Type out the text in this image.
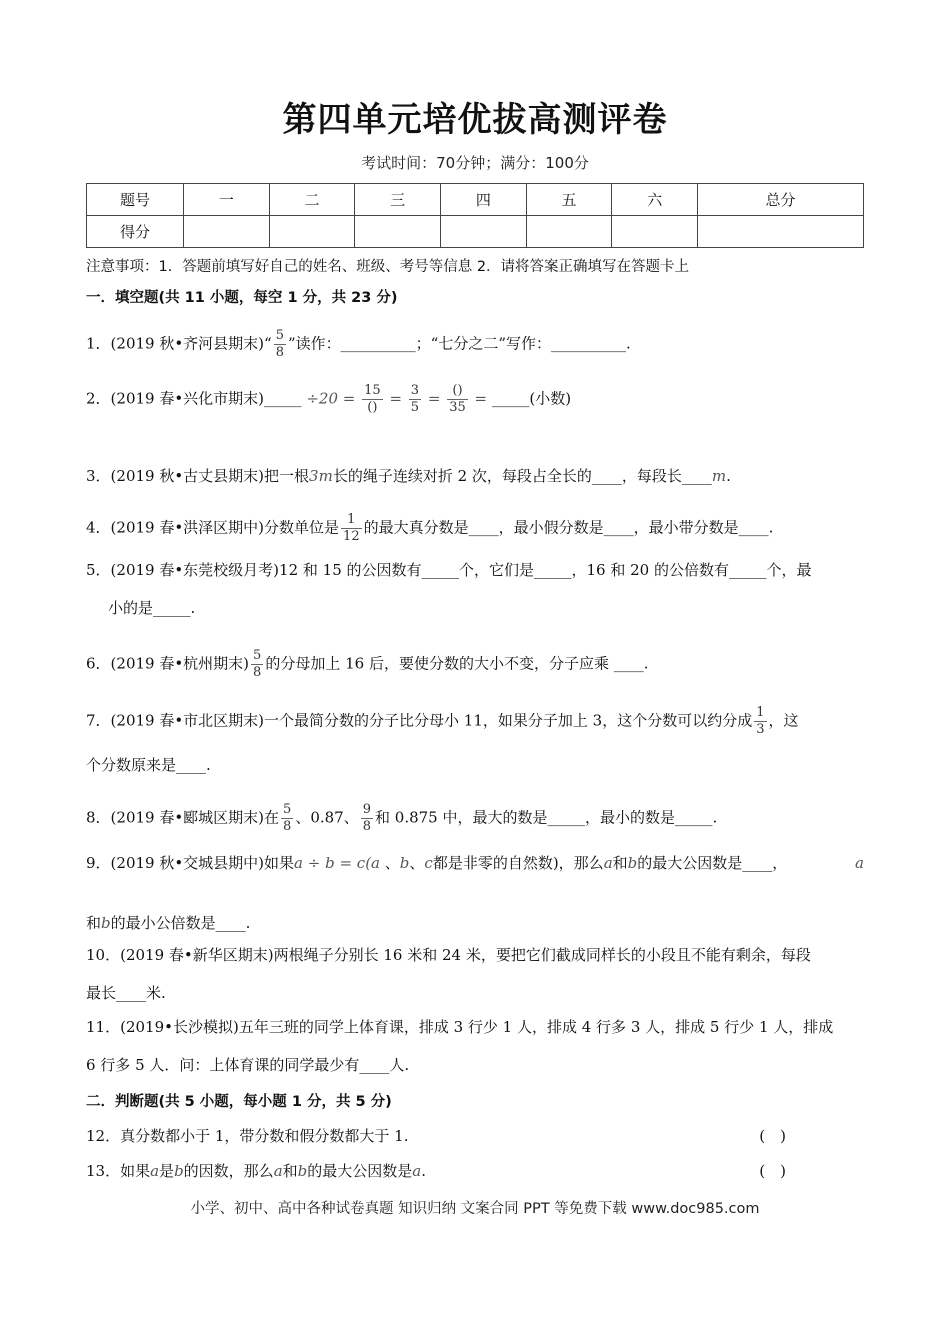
第四单元培优拔高测评卷
考试时间：70分钟；满分：100分
题号	一	二	三	四	五	六	总分
得分							
注意事项：1．答题前填写好自己的姓名、班级、考号等信息 2．请将答案正确填写在答题卡上
一．填空题(共 11 小题，每空 1 分，共 23 分)
1．(2019 秋•齐河县期末)“ $\frac{5}{8}$ ”读作：__________；“七分之二”写作：__________.
2．(2019 春•兴化市期末)_____ $\div 20 = \frac{15}{()} = \frac{3}{5} = \frac{()}{35}$ = _____(小数)
3．(2019 秋•古丈县期末)把一根3m长的绳子连续对折 2 次，每段占全长的____，每段长____m.
4．(2019 春•洪泽区期中)分数单位是 $\frac{1}{12}$ 的最大真分数是____，最小假分数是____，最小带分数是____.
5．(2019 春•东莞校级月考)12 和 15 的公因数有_____个，它们是_____，16 和 20 的公倍数有_____个，最
小的是_____.
6．(2019 春•杭州期末) $\frac{5}{8}$ 的分母加上 16 后，要使分数的大小不变，分子应乘 ____.
7．(2019 春•市北区期末)一个最简分数的分子比分母小 11，如果分子加上 3，这个分数可以约分成 $\frac{1}{3}$ ，这
个分数原来是____.
8．(2019 春•郾城区期末)在 $\frac{5}{8}$ 、0.87、 $\frac{9}{8}$ 和 0.875 中，最大的数是_____，最小的数是_____.
9．(2019 秋•交城县期中)如果a ÷ b = c(a 、b、c都是非零的自然数)，那么a和b的最大公因数是____，	a
和b的最小公倍数是____.
10．(2019 春•新华区期末)两根绳子分别长 16 米和 24 米，要把它们截成同样长的小段且不能有剩余，每段
最长____米.
11．(2019•长沙模拟)五年三班的同学上体育课，排成 3 行少 1 人，排成 4 行多 3 人，排成 5 行少 1 人，排成
6 行多 5 人．问：上体育课的同学最少有____人.
二．判断题(共 5 小题，每小题 1 分，共 5 分)
12．真分数都小于 1，带分数和假分数都大于 1.	(　)
13．如果a是b的因数，那么a和b的最大公因数是a.	(　)
小学、初中、高中各种试卷真题 知识归纳 文案合同 PPT 等免费下载 www.doc985.com
